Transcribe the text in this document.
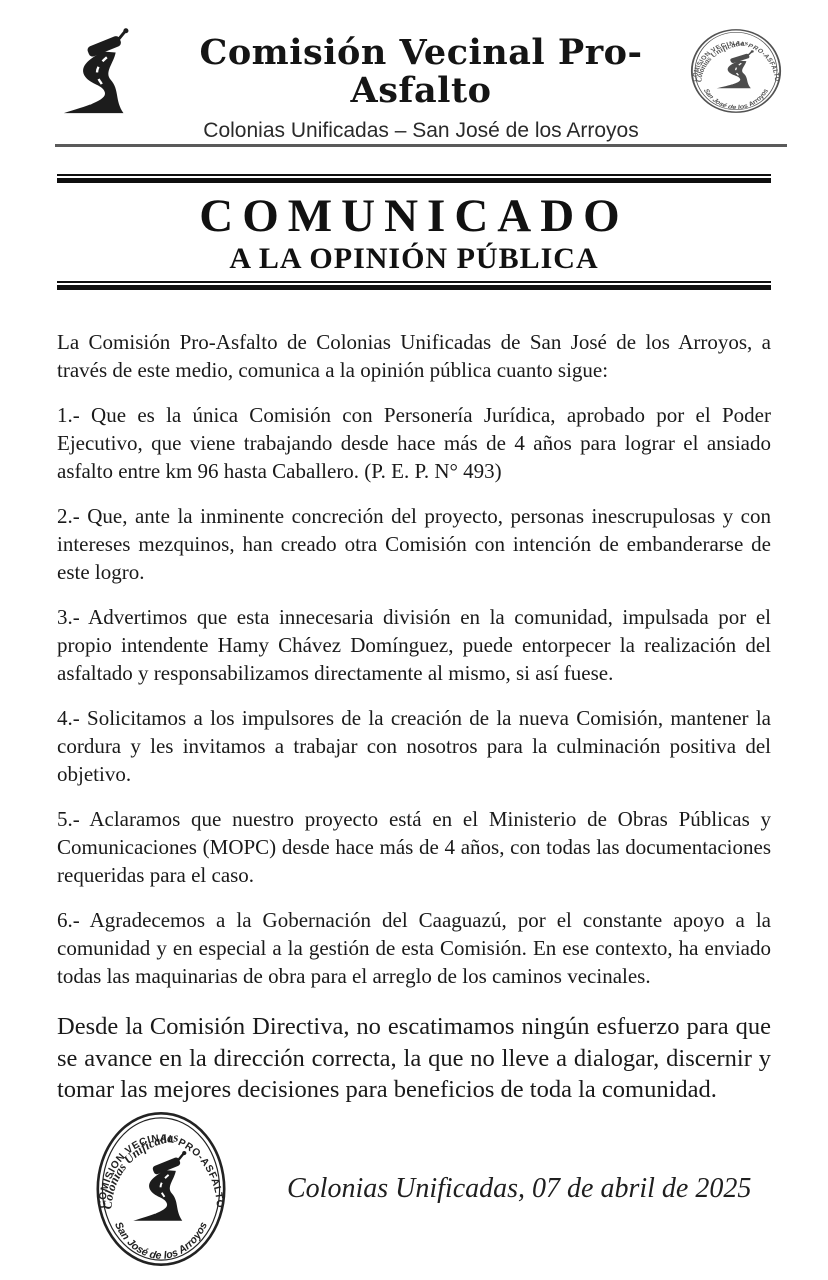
Comisión Vecinal Pro-Asfalto
Colonias Unificadas – San José de los Arroyos
COMUNICADO
A LA OPINIÓN PÚBLICA

La Comisión Pro-Asfalto de Colonias Unificadas de San José de los Arroyos, a través de este medio, comunica a la opinión pública cuanto sigue:

1.- Que es la única Comisión con Personería Jurídica, aprobado por el Poder Ejecutivo, que viene trabajando desde hace más de 4 años para lograr el ansiado asfalto entre km 96 hasta Caballero. (P. E. P. N° 493)

2.- Que, ante la inminente concreción del proyecto, personas inescrupulosas y con intereses mezquinos, han creado otra Comisión con intención de embanderarse de este logro.

3.- Advertimos que esta innecesaria división en la comunidad, impulsada por el propio intendente Hamy Chávez Domínguez, puede entorpecer la realización del asfaltado y responsabilizamos directamente al mismo, si así fuese.

4.- Solicitamos a los impulsores de la creación de la nueva Comisión, mantener la cordura y les invitamos a trabajar con nosotros para la culminación positiva del objetivo.

5.- Aclaramos que nuestro proyecto está en el Ministerio de Obras Públicas y Comunicaciones (MOPC) desde hace más de 4 años, con todas las documentaciones requeridas para el caso.

6.- Agradecemos a la Gobernación del Caaguazú, por el constante apoyo a la comunidad y en especial a la gestión de esta Comisión. En ese contexto, ha enviado todas las maquinarias de obra para el arreglo de los caminos vecinales.

Desde la Comisión Directiva, no escatimamos ningún esfuerzo para que se avance en la dirección correcta, la que no lleve a dialogar, discernir y tomar las mejores decisiones para beneficios de toda la comunidad.

Colonias Unificadas, 07 de abril de 2025
